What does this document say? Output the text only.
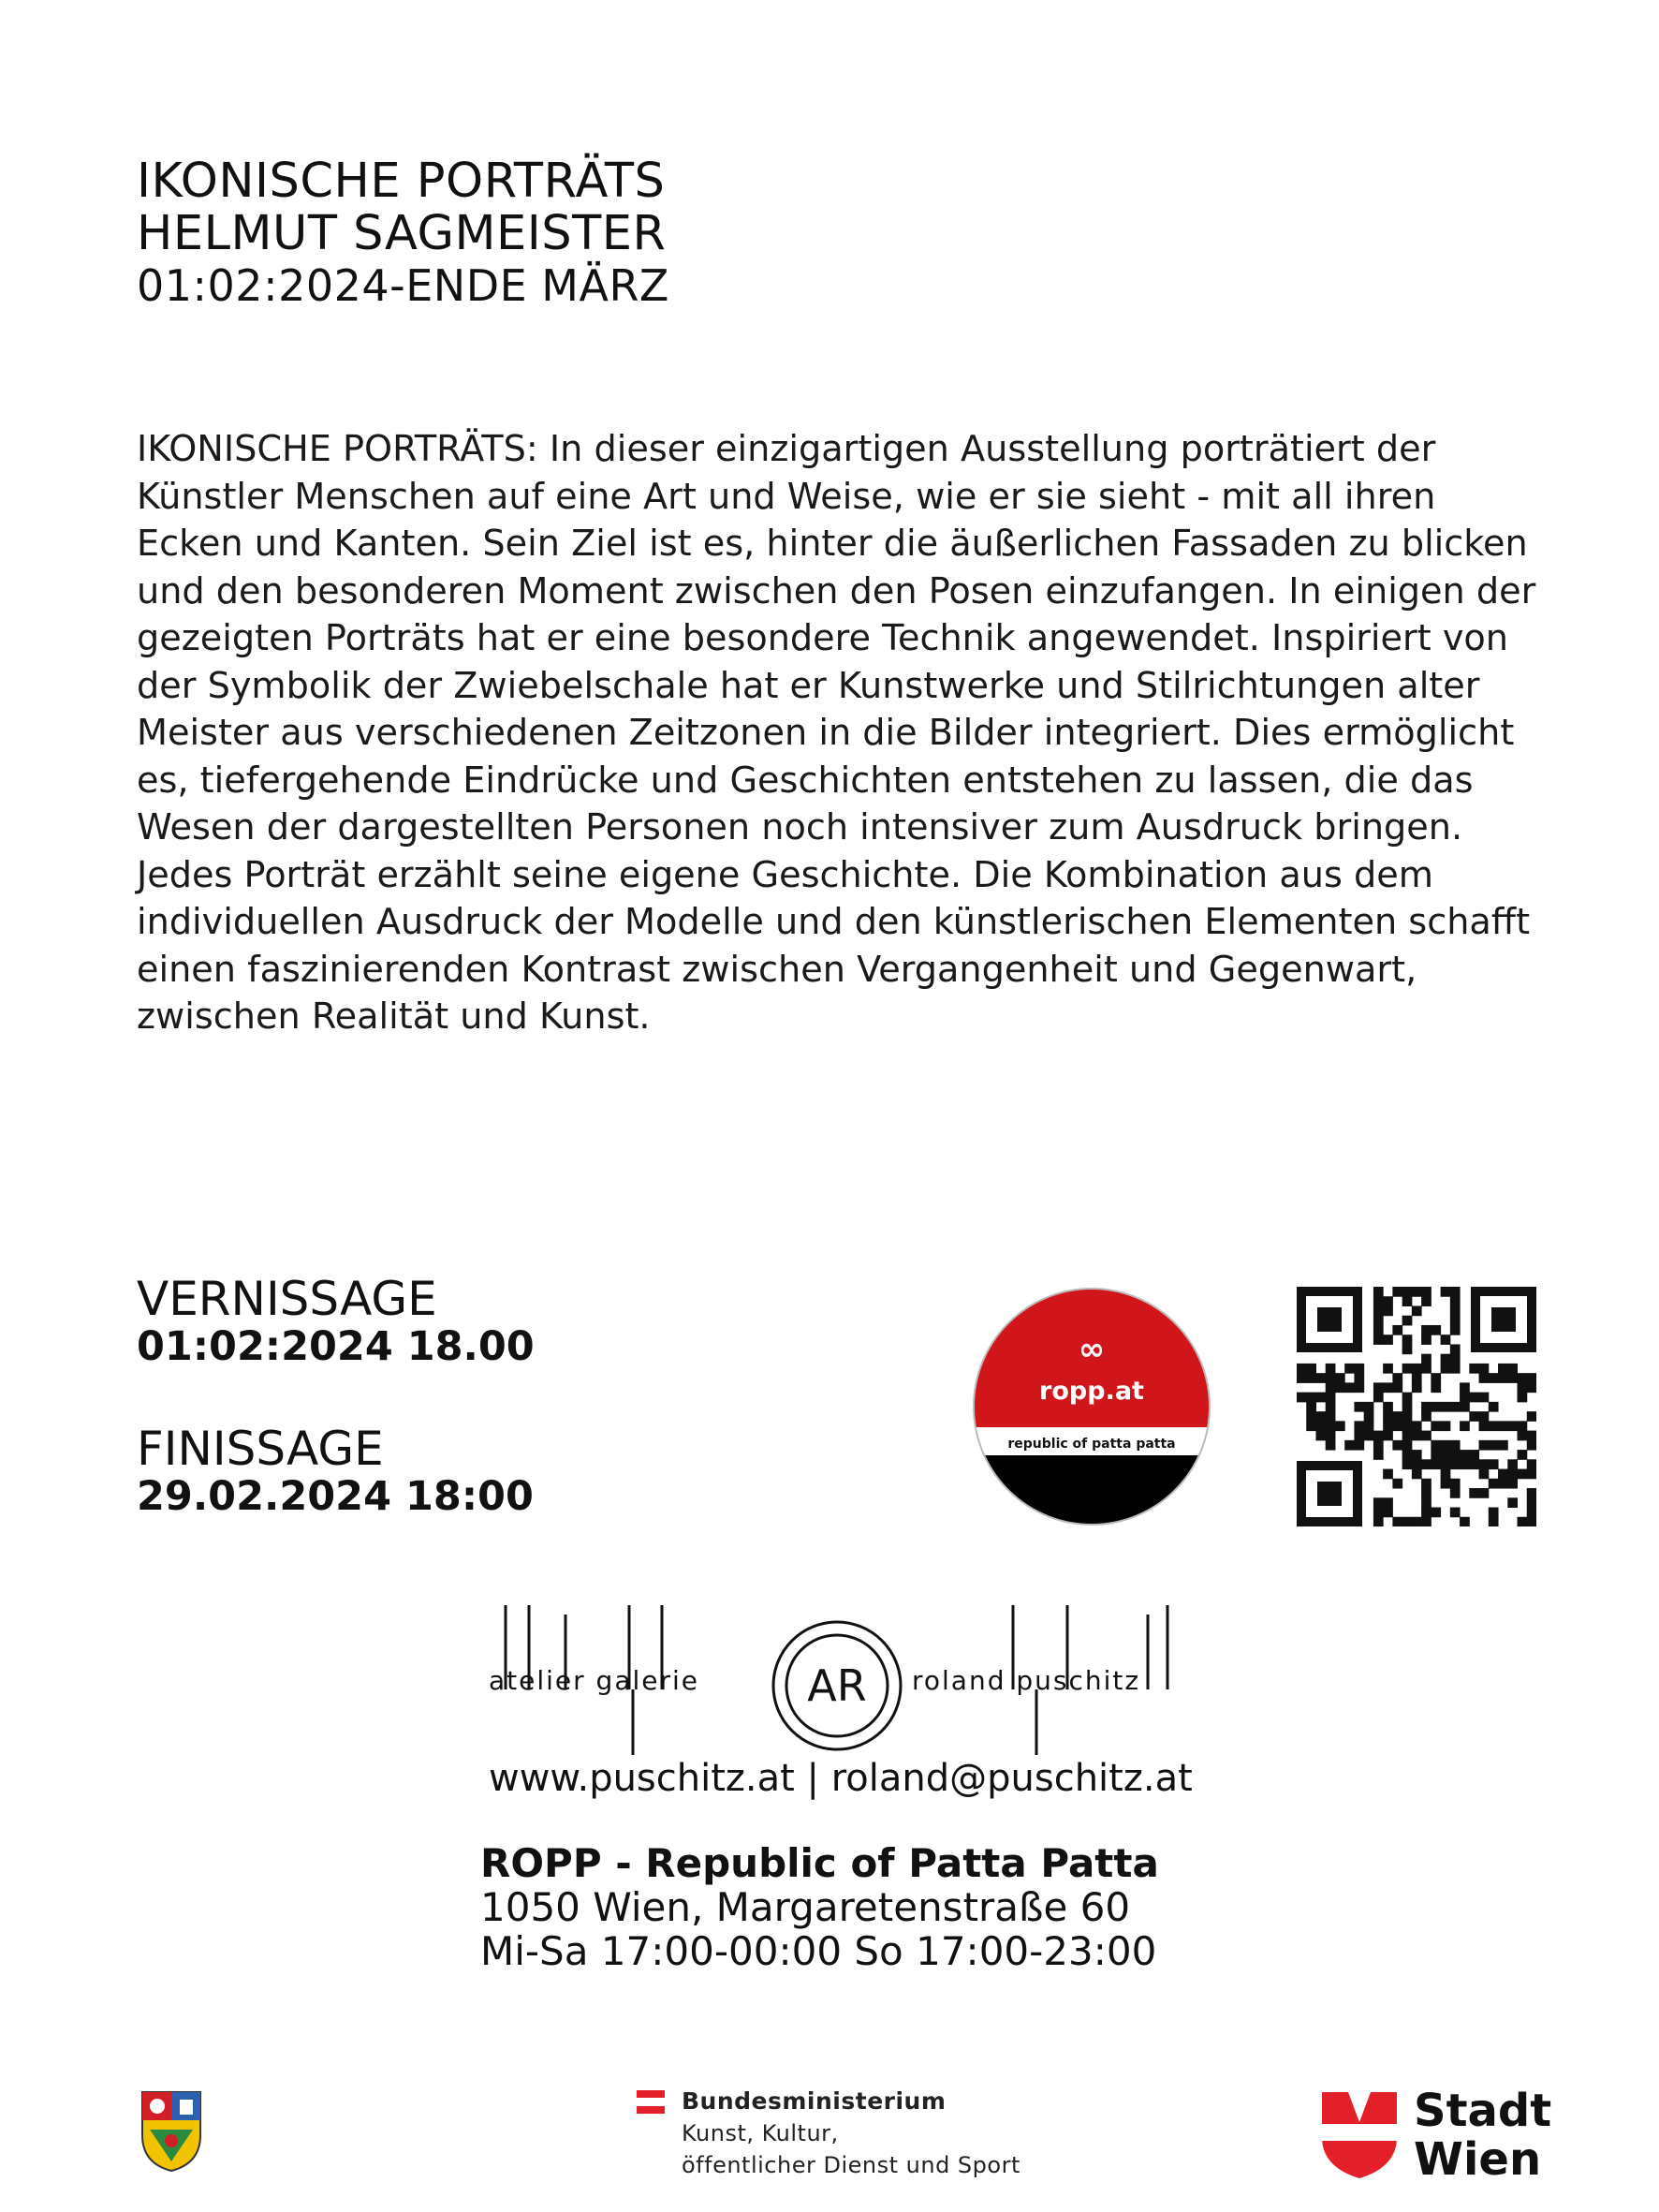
IKONISCHE PORTRÄTS
HELMUT SAGMEISTER
01:02:2024-ENDE MÄRZ
IKONISCHE PORTRÄTS: In dieser einzigartigen Ausstellung porträtiert der Künstler Menschen auf eine Art und Weise, wie er sie sieht - mit all ihren Ecken und Kanten. Sein Ziel ist es, hinter die äußerlichen Fassaden zu blicken und den besonderen Moment zwischen den Posen einzufangen. In einigen der gezeigten Porträts hat er eine besondere Technik angewendet. Inspiriert von der Symbolik der Zwiebelschale hat er Kunstwerke und Stilrichtungen alter Meister aus verschiedenen Zeitzonen in die Bilder integriert. Dies ermöglicht es, tiefergehende Eindrücke und Geschichten entstehen zu lassen, die das Wesen der dargestellten Personen noch intensiver zum Ausdruck bringen. Jedes Porträt erzählt seine eigene Geschichte. Die Kombination aus dem individuellen Ausdruck der Modelle und den künstlerischen Elementen schafft einen faszinierenden Kontrast zwischen Vergangenheit und Gegenwart, zwischen Realität und Kunst.
VERNISSAGE
01:02:2024 18.00
FINISSAGE
29.02.2024 18:00
∞
ropp.at
republic of patta patta
atelier galerie	AR roland puschitz
www.puschitz.at | roland@puschitz.at
ROPP - Republic of Patta Patta
1050 Wien, Margaretenstraße 60
Mi-Sa 17:00-00:00 So 17:00-23:00
Bundesministerium
Kunst, Kultur,
öffentlicher Dienst und Sport
Stadt
Wien
